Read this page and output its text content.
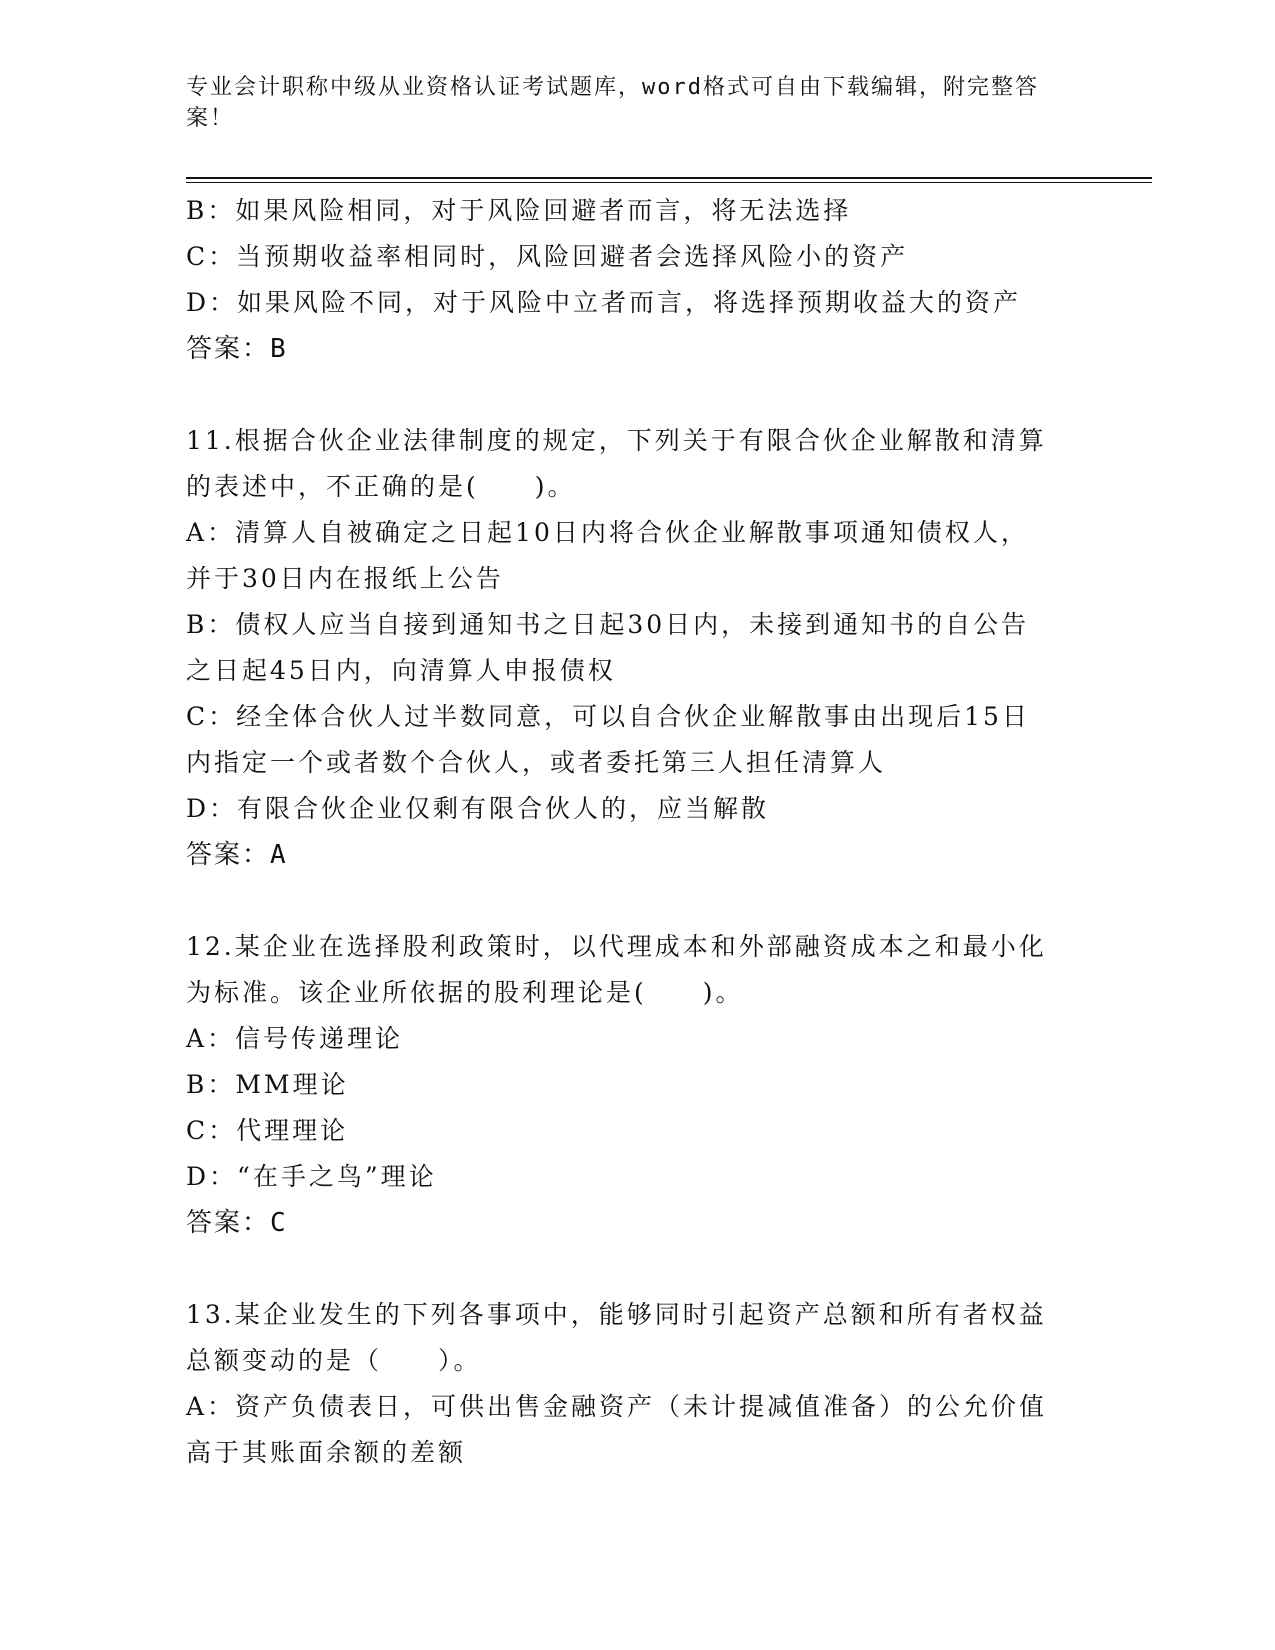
专业会计职称中级从业资格认证考试题库，word格式可自由下载编辑，附完整答
案！
B：如果风险相同，对于风险回避者而言，将无法选择
C：当预期收益率相同时，风险回避者会选择风险小的资产
D：如果风险不同，对于风险中立者而言，将选择预期收益大的资产
答案：B
11.根据合伙企业法律制度的规定，下列关于有限合伙企业解散和清算
的表述中，不正确的是(　　)。
A：清算人自被确定之日起10日内将合伙企业解散事项通知债权人，
并于30日内在报纸上公告
B：债权人应当自接到通知书之日起30日内，未接到通知书的自公告
之日起45日内，向清算人申报债权
C：经全体合伙人过半数同意，可以自合伙企业解散事由出现后15日
内指定一个或者数个合伙人，或者委托第三人担任清算人
D：有限合伙企业仅剩有限合伙人的，应当解散
答案：A
12.某企业在选择股利政策时，以代理成本和外部融资成本之和最小化
为标准。该企业所依据的股利理论是(　　)。
A：信号传递理论
B：MM理论
C：代理理论
D：“在手之鸟”理论
答案：C
13.某企业发生的下列各事项中，能够同时引起资产总额和所有者权益
总额变动的是（　　）。
A：资产负债表日，可供出售金融资产（未计提减值准备）的公允价值
高于其账面余额的差额
